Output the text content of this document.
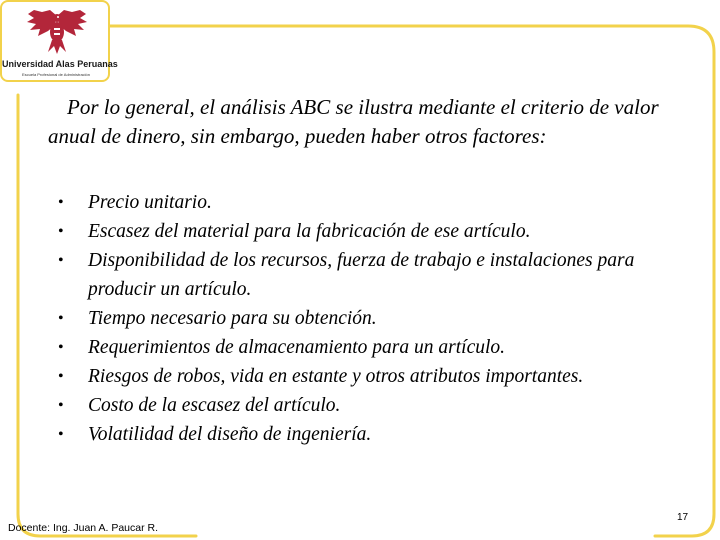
Universidad Alas Peruanas
Escuela Profesional de Administración

Por lo general, el análisis ABC se ilustra mediante el criterio de valor anual de dinero, sin embargo, pueden haber otros factores:

• Precio unitario.
• Escasez del material para la fabricación de ese artículo.
• Disponibilidad de los recursos, fuerza de trabajo e instalaciones para producir un artículo.
• Tiempo necesario para su obtención.
• Requerimientos de almacenamiento para un artículo.
• Riesgos de robos, vida en estante y otros atributos importantes.
• Costo de la escasez del artículo.
• Volatilidad del diseño de ingeniería.
Docente: Ing. Juan A. Paucar R.
17
